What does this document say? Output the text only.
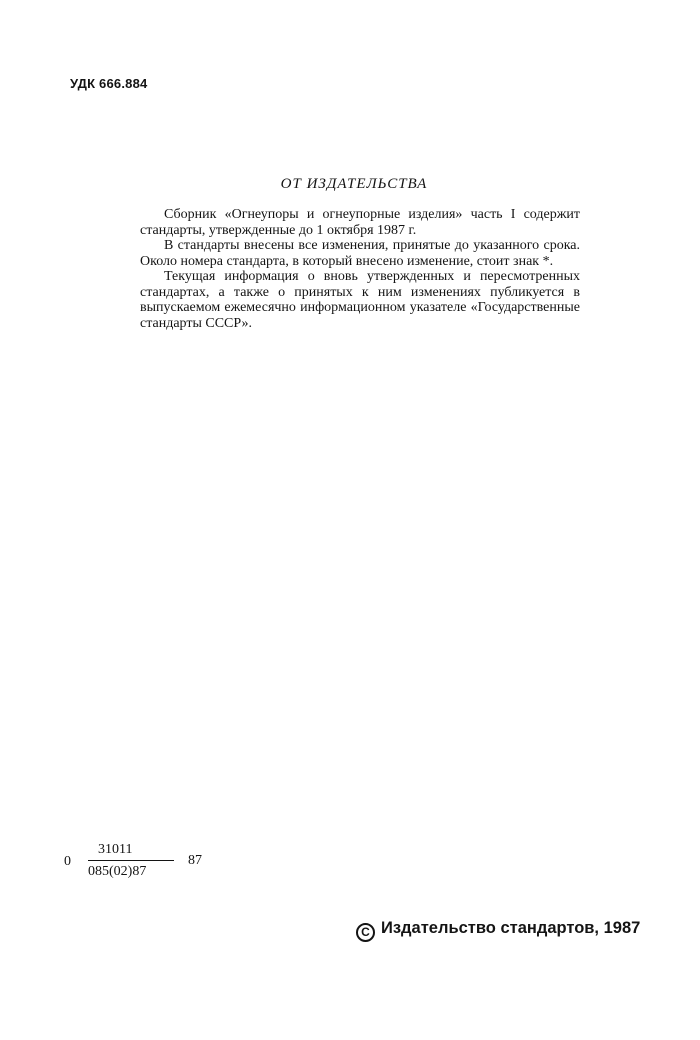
УДК 666.884
ОТ ИЗДАТЕЛЬСТВА

Сборник «Огнеупоры и огнеупорные изделия» часть I содержит стандарты, утвержденные до 1 октября 1987 г.

В стандарты внесены все изменения, принятые до указанного срока. Около номера стандарта, в который внесено изменение, стоит знак *.

Текущая информация о вновь утвержденных и пересмотренных стандартах, а также о принятых к ним изменениях публикуется в выпускаемом ежемесячно информационном указателе «Государственные стандарты СССР».

0
31011
085(02)87
87
C Издательство стандартов, 1987
